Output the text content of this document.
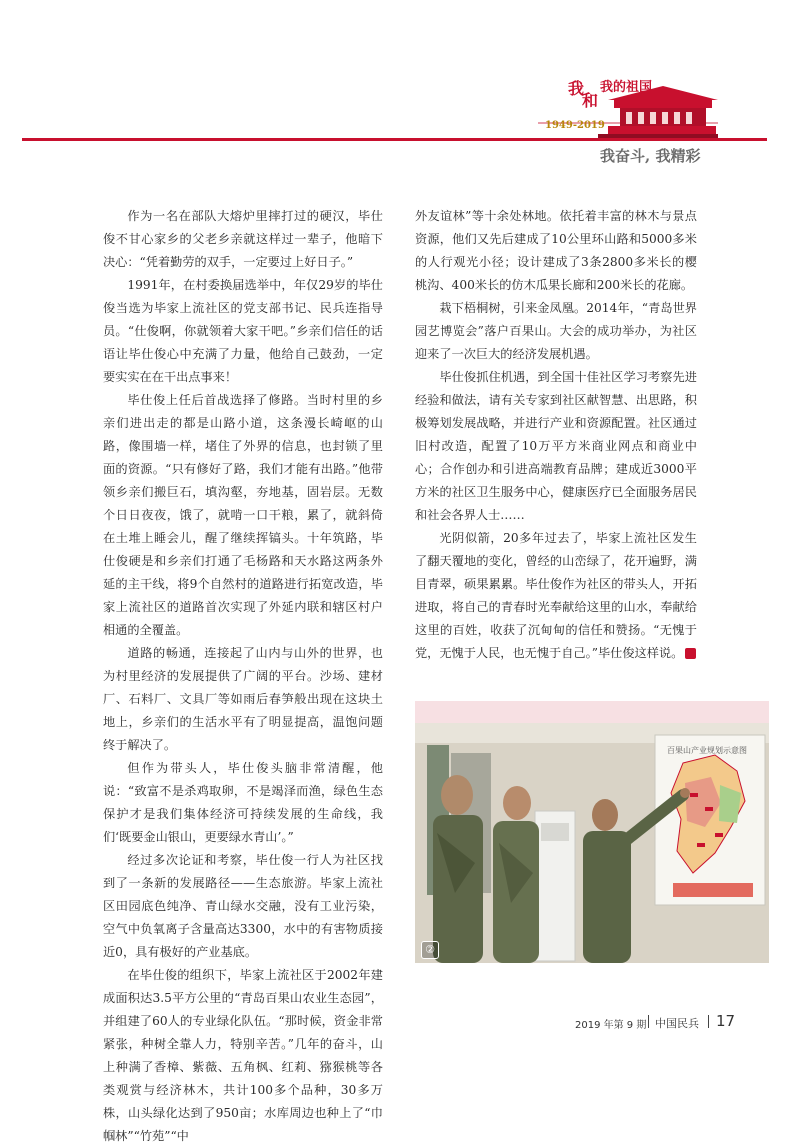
我
和
我的祖国
1949-2019
我奋斗, 我精彩

作为一名在部队大熔炉里摔打过的硬汉，毕仕俊不甘心家乡的父老乡亲就这样过一辈子，他暗下决心：“凭着勤劳的双手，一定要过上好日子。”

1991年，在村委换届选举中，年仅29岁的毕仕俊当选为毕家上流社区的党支部书记、民兵连指导员。“仕俊啊，你就领着大家干吧。”乡亲们信任的话语让毕仕俊心中充满了力量，他给自己鼓劲，一定要实实在在干出点事来！

毕仕俊上任后首战选择了修路。当时村里的乡亲们进出走的都是山路小道，这条漫长崎岖的山路，像围墙一样，堵住了外界的信息，也封锁了里面的资源。“只有修好了路，我们才能有出路。”他带领乡亲们搬巨石，填沟壑，夯地基，固岩层。无数个日日夜夜，饿了，就啃一口干粮，累了，就斜倚在土堆上睡会儿，醒了继续挥镐头。十年筑路，毕仕俊硬是和乡亲们打通了毛杨路和天水路这两条外延的主干线，将9个自然村的道路进行拓宽改造，毕家上流社区的道路首次实现了外延内联和辖区村户相通的全覆盖。

道路的畅通，连接起了山内与山外的世界，也为村里经济的发展提供了广阔的平台。沙场、建材厂、石料厂、文具厂等如雨后春笋般出现在这块土地上，乡亲们的生活水平有了明显提高，温饱问题终于解决了。

但作为带头人，毕仕俊头脑非常清醒，他说：“致富不是杀鸡取卵，不是竭泽而渔，绿色生态保护才是我们集体经济可持续发展的生命线，我们‘既要金山银山，更要绿水青山’。”

经过多次论证和考察，毕仕俊一行人为社区找到了一条新的发展路径——生态旅游。毕家上流社区田园底色纯净、青山绿水交融，没有工业污染，空气中负氧离子含量高达3300，水中的有害物质接近0，具有极好的产业基底。

在毕仕俊的组织下，毕家上流社区于2002年建成面积达3.5平方公里的“青岛百果山农业生态园”，并组建了60人的专业绿化队伍。“那时候，资金非常紧张，种树全靠人力，特别辛苦。”几年的奋斗，山上种满了香樟、紫薇、五角枫、红莉、猕猴桃等各类观赏与经济林木，共计100多个品种，30多万株，山头绿化达到了950亩；水库周边也种上了“巾帼林”“竹苑”“中

外友谊林”等十余处林地。依托着丰富的林木与景点资源，他们又先后建成了10公里环山路和5000多米的人行观光小径；设计建成了3条2800多米长的樱桃沟、400米长的仿木瓜果长廊和200米长的花廊。

栽下梧桐树，引来金凤凰。2014年，“青岛世界园艺博览会”落户百果山。大会的成功举办，为社区迎来了一次巨大的经济发展机遇。

毕仕俊抓住机遇，到全国十佳社区学习考察先进经验和做法，请有关专家到社区献智慧、出思路，积极筹划发展战略，并进行产业和资源配置。社区通过旧村改造，配置了10万平方米商业网点和商业中心；合作创办和引进高端教育品牌；建成近3000平方米的社区卫生服务中心，健康医疗已全面服务居民和社会各界人士……

光阴似箭，20多年过去了，毕家上流社区发生了翻天覆地的变化，曾经的山峦绿了，花开遍野，满目青翠，硕果累累。毕仕俊作为社区的带头人，开拓进取，将自己的青春时光奉献给这里的山水，奉献给这里的百姓，收获了沉甸甸的信任和赞扬。“无愧于党，无愧于人民，也无愧于自己。”毕仕俊这样说。	责

百果山产业规划示意图
②
2019 年第 9 期 中国民兵 17
